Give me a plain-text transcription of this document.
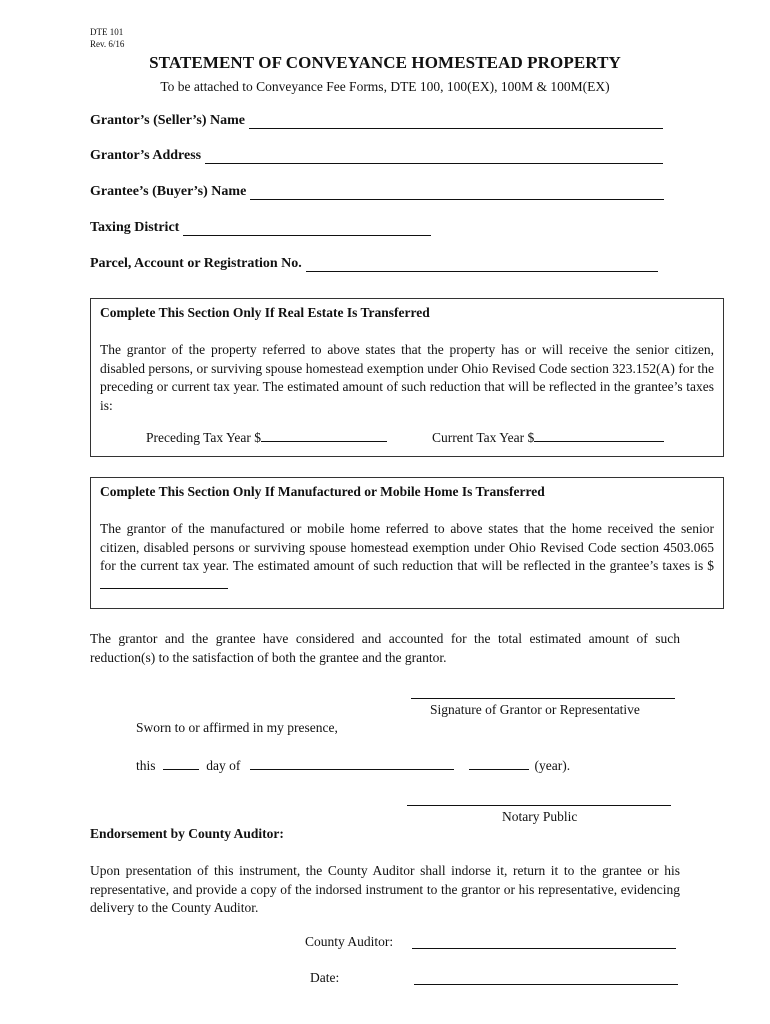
DTE 101
Rev. 6/16
STATEMENT OF CONVEYANCE HOMESTEAD PROPERTY
To be attached to Conveyance Fee Forms, DTE 100, 100(EX), 100M & 100M(EX)
Grantor’s (Seller’s) Name
Grantor’s Address
Grantee’s (Buyer’s) Name
Taxing District
Parcel, Account or Registration No.
Complete This Section Only If Real Estate Is Transferred
The grantor of the property referred to above states that the property has or will receive the senior citizen, disabled persons, or surviving spouse homestead exemption under Ohio Revised Code section 323.152(A) for the preceding or current tax year. The estimated amount of such reduction that will be reflected in the grantee’s taxes is:
Preceding Tax Year $	Current Tax Year $
Complete This Section Only If Manufactured or Mobile Home Is Transferred
The grantor of the manufactured or mobile home referred to above states that the home received the senior citizen, disabled persons or surviving spouse homestead exemption under Ohio Revised Code section 4503.065 for the current tax year. The estimated amount of such reduction that will be reflected in the grantee’s taxes is $
The grantor and the grantee have considered and accounted for the total estimated amount of such reduction(s) to the satisfaction of both the grantee and the grantor.
Signature of Grantor or Representative
Sworn to or affirmed in my presence,
this	day of	(year).
Notary Public
Endorsement by County Auditor:
Upon presentation of this instrument, the County Auditor shall indorse it, return it to the grantee or his representative, and provide a copy of the indorsed instrument to the grantor or his representative, evidencing delivery to the County Auditor.
County Auditor:
Date:
